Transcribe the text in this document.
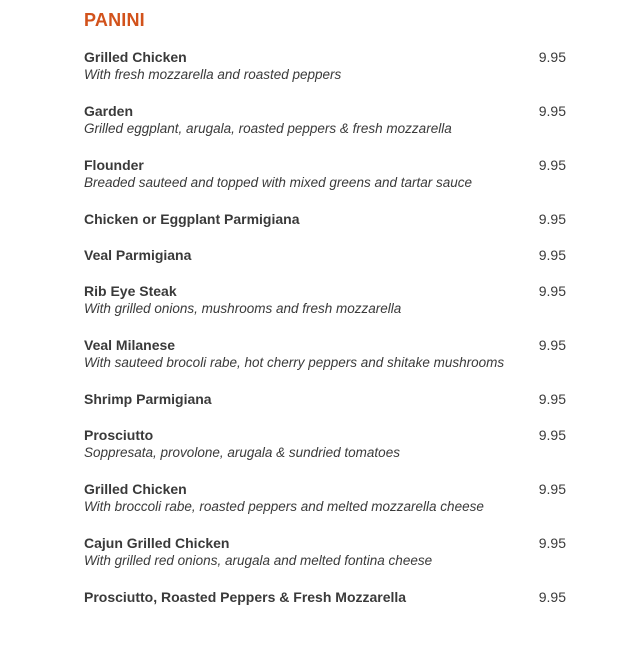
PANINI
Grilled Chicken
With fresh mozzarella and roasted peppers
9.95
Garden
Grilled eggplant, arugala, roasted peppers & fresh mozzarella
9.95
Flounder
Breaded sauteed and topped with mixed greens and tartar sauce
9.95
Chicken or Eggplant Parmigiana	9.95
Veal Parmigiana	9.95
Rib Eye Steak
With grilled onions, mushrooms and fresh mozzarella
9.95
Veal Milanese
With sauteed brocoli rabe, hot cherry peppers and shitake mushrooms
9.95
Shrimp Parmigiana	9.95
Prosciutto
Soppresata, provolone, arugala & sundried tomatoes
9.95
Grilled Chicken
With broccoli rabe, roasted peppers and melted mozzarella cheese
9.95
Cajun Grilled Chicken
With grilled red onions, arugala and melted fontina cheese
9.95
Prosciutto, Roasted Peppers & Fresh Mozzarella	9.95
